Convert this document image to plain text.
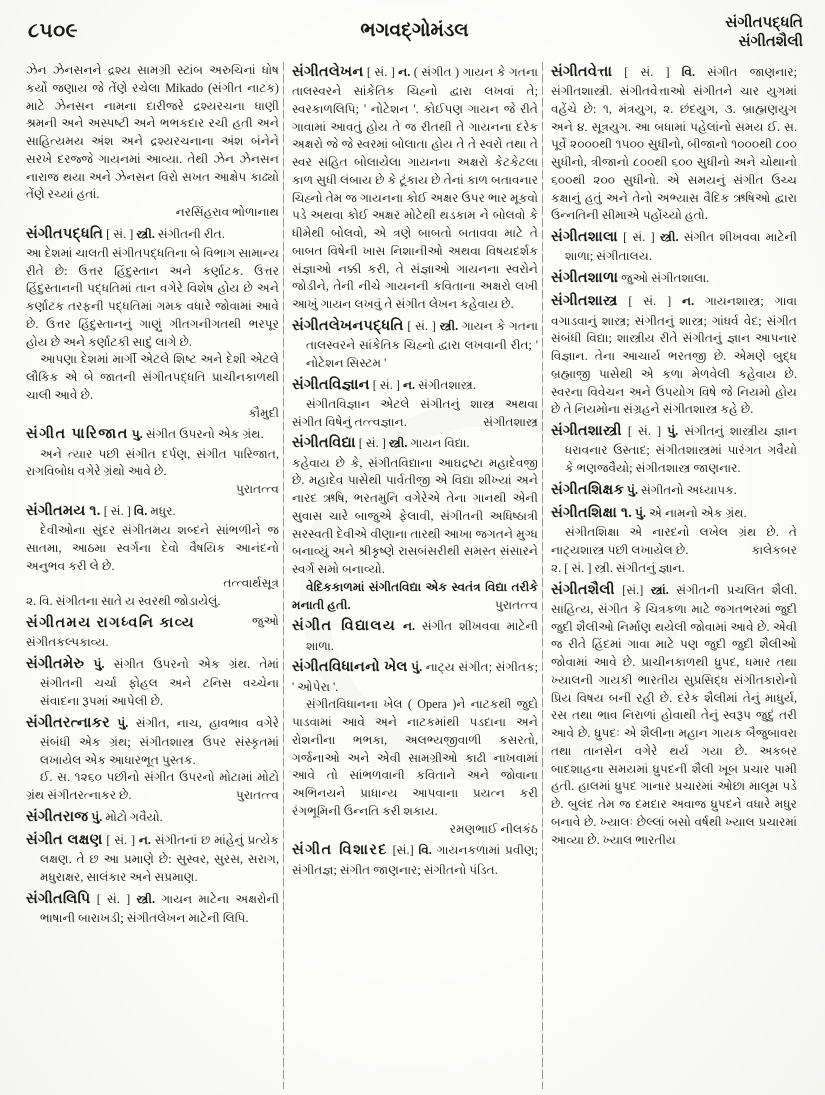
૮૫૦૯	ભગવદ્ગોમંડલ	સંગીતપદ્ધતિ
સંગીતશૈલી

ઝેન ઝેનસનને દ્રશ્ય સામગ્રી સ્ટાંબ અરુચિનાં ધોષ કર્યો જણાય જે તેંણે રચેલા Mikado (સંગીત નાટક) માટે ઝેનસન નામના દારીજરે દ્રશ્યરચના ધાણી શ્રમની અને અસ્પષ્ટી અને ભભકદાર રચી હતી અને સાહિત્યમય અંશ અને દ્રશ્યરચનાના અંશ બંનેને સરખે દરજ્જે ગાયનમાં આવ્યા. તેથી ઝેન ઝેનસન નારાજ થયા અને ઝેનસન વિરો સખત આક્ષેપ કાઢ્યો તેંણે રચ્યાં હતાં.

નરસિંહરાવ ભોળાનાથ

સંગીતપદ્ધતિ [ સં. ] સ્ત્રી. સંગીતની રીત.

આ દેશમાં ચાલતી સંગીતપદ્ધતિના બે વિભાગ સામાન્ય રીતે છે: ઉત્તર હિંદુસ્તાન અને કર્ણાટક. ઉત્તર હિંદુસ્તાનની પદ્ધતિમાં તાન વગેરે વિશેષ હોય છે અને કર્ણાટક તરફની પદ્ધતિમાં ગમક વધારે જોવામાં આવે છે. ઉત્તર હિંદુસ્તાનનું ગાણું ગીતગનીગતથી ભરપૂર હોય છે અને કર્ણાટકી સાદું લાગે છે.

આપણા દેશમાં માર્ગી એટલે શિષ્ટ અને દેશી એટલે લૌકિક એ બે જાતની સંગીતપદ્ધતિ પ્રાચીનકાળથી ચાલી આવે છે.

કૌમુદી

સંગીત પારિજાત પુ. સંગીત ઉપરનો એક ગ્રંથ.

અને ત્યાર પછી સંગીત દર્પણ, સંગીત પારિજાત, રાગવિબોધ વગેરે ગ્રંથો આવે છે.

પુરાતત્ત્વ

સંગીતમય ૧. [ સં. ] વિ. મધુર.

દેવીઓના સુંદર સંગીતમય શબ્દને સાંભળીને જ સાતમા, આઠમા સ્વર્ગના દેવો વૈષયિક આનંદનો અનુભવ કરી લે છે.

તત્ત્વાર્થસૂત્ર

૨. વિ. સંગીતના સાતે ય સ્વરથી જોડાયેલું.

સંગીતમય રાગધ્વનિ કાવ્ય	જુઓ

સંગીતકલ્પકાવ્ય.

સંગીતમેરુ પું. સંગીત ઉપરનો એક ગ્રંથ. તેમાં સંગીતની ચર્ચા ફોહલ અને ટનિસ વચ્ચેના સંવાદના રૂપમાં આપેલી છે.

સંગીતરત્નાકર પું. સંગીત, નાચ, હાવભાવ વગેરે સંબંધી એક ગ્રંથ; સંગીતશાસ્ત્ર ઉપર સંસ્કૃતમાં લખાયેલ એક આધારભૂત પુસ્તક.

ઈ. સ. ૧૨૬૦ પછીનો સંગીત ઉપરનો મોટામાં મોટો ગ્રંથ સંગીતરત્નાકર છે.	પુરાતત્ત્વ

સંગીતરાજ પું. મોટો ગવૈયો.

સંગીત લક્ષણ [ સં. ] ન. સંગીતનાં છ માંહેનું પ્રત્યેક લક્ષણ. તે છ આ પ્રમાણે છે: સુસ્વર, સુરસ, સરાગ, મધુરાક્ષર, સાલંકાર અને સપ્રમાણ.

સંગીતલિપિ [ સં. ] સ્ત્રી. ગાયન માટેના અક્ષરોની ભાષાની બારાખડી; સંગીતલેખન માટેની લિપિ.

સંગીતલેખન [ સં. ] ન. ( સંગીત ) ગાયન કે ગતના તાલસ્વરને સાંકેતિક ચિહ્નો દ્વારા લખવાં તે; સ્વરકાળલિપિ; ' નોટેશન '. કોઈપણ ગાયન જે રીતે ગાવામાં આવતું હોય તે જ રીતથી તે ગાયનના દરેક અક્ષરો જે જે સ્વરમાં બોલાતા હોય તે તે સ્વરો તથા તે સ્વર સહિત બોલાયેલા ગાયનના અક્ષરો કેટકેટલા કાળ સુધી લંબાય છે કે ટૂંકાય છે તેનાં કાળ બતાવનાર ચિહ્નો તેમ જ ગાયનના કોઈ અક્ષર ઉપર ભાર મૂકવો પડે અથવા કોઈ અક્ષર મોટેથી થડકામ ને બોલવો કે ધીમેથી બોલવો, એ ત્રણે બાબતો બતાવવા માટે તે બાબત વિષેની ખાસ નિશાનીઓ અથવા વિષયદર્શક સંજ્ઞાઓ નક્કી કરી, તે સંજ્ઞાઓ ગાયનના સ્વરોને જોડીને, તેની નીચે ગાયનની કવિતાના અક્ષરો લખી આખું ગાયન લખવું તે સંગીત લેખન કહેવાય છે.

સંગીતલેખનપદ્ધતિ [ સં. ] સ્ત્રી. ગાયન કે ગતના તાલસ્વરને સાંકેતિક ચિહ્નો દ્વારા લખવાની રીત; ' નોટેશન સિસ્ટમ '

સંગીતવિજ્ઞાન [ સં. ] ન. સંગીતશાસ્ત્ર.

સંગીતવિજ્ઞાન એટલે સંગીતનું શાસ્ત્ર અથવા સંગીત વિષેનું તત્ત્વજ્ઞાન.	સંગીતશાસ્ત્ર

સંગીતવિદ્યા [ સં. ] સ્ત્રી. ગાયન વિદ્યા.

કહેવાય છે કે, સંગીતવિદ્યાના આઘદ્રષ્ટા મહાદેવજી છે. મહાદેવ પાસેથી પાર્વતીજી એ વિદ્યા શીખ્યાં અને નારદ ઋષિ, ભરતમુનિ વગેરેએ તેના ગાનથી એની સુવાસ ચારે બાજુએ ફેલાવી, સંગીતની અધિષ્ઠાત્રી સરસ્વતી દેવીએ વીણાના તારથી આખા જગતને મુગ્ધ બનાવ્યું અને શ્રીકૃષ્ણે રાસબંસરીથી સમસ્ત સંસારને સ્વર્ગ સમો બનાવ્યો.

વેદિકકાળમાં સંગીતવિદ્યા એક સ્વતંત્ર વિદ્યા તરીકે મનાતી હતી.	પુરાતત્ત્વ

સંગીત વિદ્યાલય ન. સંગીત શીખવવા માટેની શાળા.

સંગીતવિધાનનો ખેલ પું. નાટ્ય સંગીત; સંગીતક; ' ઓપેરા '.

સંગીતવિધાનના ખેલ ( Opera )ને નાટકથી જુદો પાડવામાં આવે અને નાટકમાંથી પડદાના અને રોશનીના ભભકા, અલભ્યજીવાળી કસરતો, ગર્જનાઓ અને એવી સામગ્રીઓ કાઢી નાખવામાં આવે તો સાંભળવાની કવિતાને અને જોવાના અભિનયને પ્રાધાન્ય આપવાના પ્રયત્ન કરી રંગભૂમિની ઉન્નતિ કરી શકાય.

રમણભાઈ નીલકંઠ

સંગીત વિશારદ [સં.] વિ. ગાયનકળામાં પ્રવીણ; સંગીતજ્ઞ; સંગીત જાણનાર; સંગીતનો પંડિત.

સંગીતવેત્તા [ સં. ] વિ. સંગીત જાણનાર; સંગીતશાસ્ત્રી. સંગીતવેત્તાઓ સંગીતને ચાર યુગમાં વહેંચે છે: ૧, મંત્રયુગ, ૨. છંદયુગ, ૩. બ્રાહ્મણયુગ અને ૪. સૂત્રયુગ. આ બધામાં પહેલાંનો સમય ઈ. સ. પૂર્વે ૨૦૦૦થી ૧૫૦૦ સુધીનો, બીજાનો ૧૦૦૦થી ૮૦૦ સુધીનો, ત્રીજાનો ૮૦૦થી ૬૦૦ સુધીનો અને ચોથાનો ૬૦૦થી ૨૦૦ સુધીનો. એ સમયનું સંગીત ઉચ્ચ કક્ષાનું હતું અને તેનો અભ્યાસ વૈદિક ઋષિઓ દ્વારા ઉન્નતિની સીમાએ પહોંચ્યો હતો.

સંગીતશાલા [ સં. ] સ્ત્રી. સંગીત શીખવવા માટેની શાળા; સંગીતાલય.

સંગીતશાળા જુઓ સંગીતશાલા.

સંગીતશાસ્ત્ર [ સં. ] ન. ગાયનશાસ્ત્ર; ગાવા વગાડવાનું શાસ્ત્ર; સંગીતનું શાસ્ત્ર; ગાંધર્વ વેદ; સંગીત સંબંધી વિદ્યા; શાસ્ત્રીય રીતે સંગીતનું જ્ઞાન આપનાર વિજ્ઞાન. તેના આચાર્ય ભરતજી છે. એમણે બુદ્ધ બ્રહ્માજી પાસેથી એ કળા મેળવેલી કહેવાય છે. સ્વરના વિવેચન અને ઉપયોગ વિષે જે નિયમો હોય છે તે નિયમોના સંગ્રહને સંગીતશાસ્ત્ર કહે છે.

સંગીતશાસ્ત્રી [ સં. ] પું. સંગીતનું શાસ્ત્રીય જ્ઞાન ધરાવનાર ઉસ્તાદ; સંગીતશાસ્ત્રમાં પારંગત ગવૈયો કે ભણજવૈયો; સંગીતશાસ્ત્ર જાણનાર.

સંગીતશિક્ષક પું. સંગીતનો અધ્યાપક.

સંગીતશિક્ષા ૧. પું. એ નામનો એક ગ્રંથ.

સંગીતશિક્ષા એ નારદનો લખેલ ગ્રંથ છે. તે નાટ્યશાસ્ત્ર પછી લખાયેલ છે.	કાલેકબર

૨. [ સં. ] સ્ત્રી. સંગીતનું જ્ઞાન.

સંગીતશૈલી [સં.] સ્ત્રાં. સંગીતની પ્રચલિત શૈલી. સાહિત્ય, સંગીત કે ચિત્રકળા માટે જગતભરમાં જુદી જુદી શૈલીઓ નિર્માણ થયેલી જોવામાં આવે છે. એવી જ રીતે હિંદમાં ગાવા માટે પણ જુદી જુદી શૈલીઓ જોવામાં આવે છે. પ્રાચીનકાળથી ધ્રુપદ, ધમાર તથા ખ્યાલની ગાયકી ભારતીય સુપ્રસિદ્ધ સંગીતકારોનો પ્રિય વિષય બની રહી છે. દરેક શૈલીમાં તેનું માધુર્ય, રસ તથા ભાવ નિરાળાં હોવાથી તેનું સ્વરૂપ જુદું તરી આવે છે. ધ્રુપદઃ એ શૈલીના મહાન ગાયક બૈજુબાવરા તથા તાનસેન વગેરે થર્ય ગયા છે. અકબર બાદશાહના સમયમાં ધ્રુપદની શૈલી ખૂબ પ્રચાર પામી હતી. હાલમાં ધ્રુપદ ગાનાર પ્રચારમાં ઓછા માલૂમ પડે છે. બુલંદ તેમ જ દમદાર અવાજ ધ્રુપદને વધારે મધુર બનાવે છે. ખ્યાલઃ છેલ્લાં બસો વર્ષથી ખ્યાલ પ્રચારમાં આવ્યા છે. ખ્યાલ ભારતીય
